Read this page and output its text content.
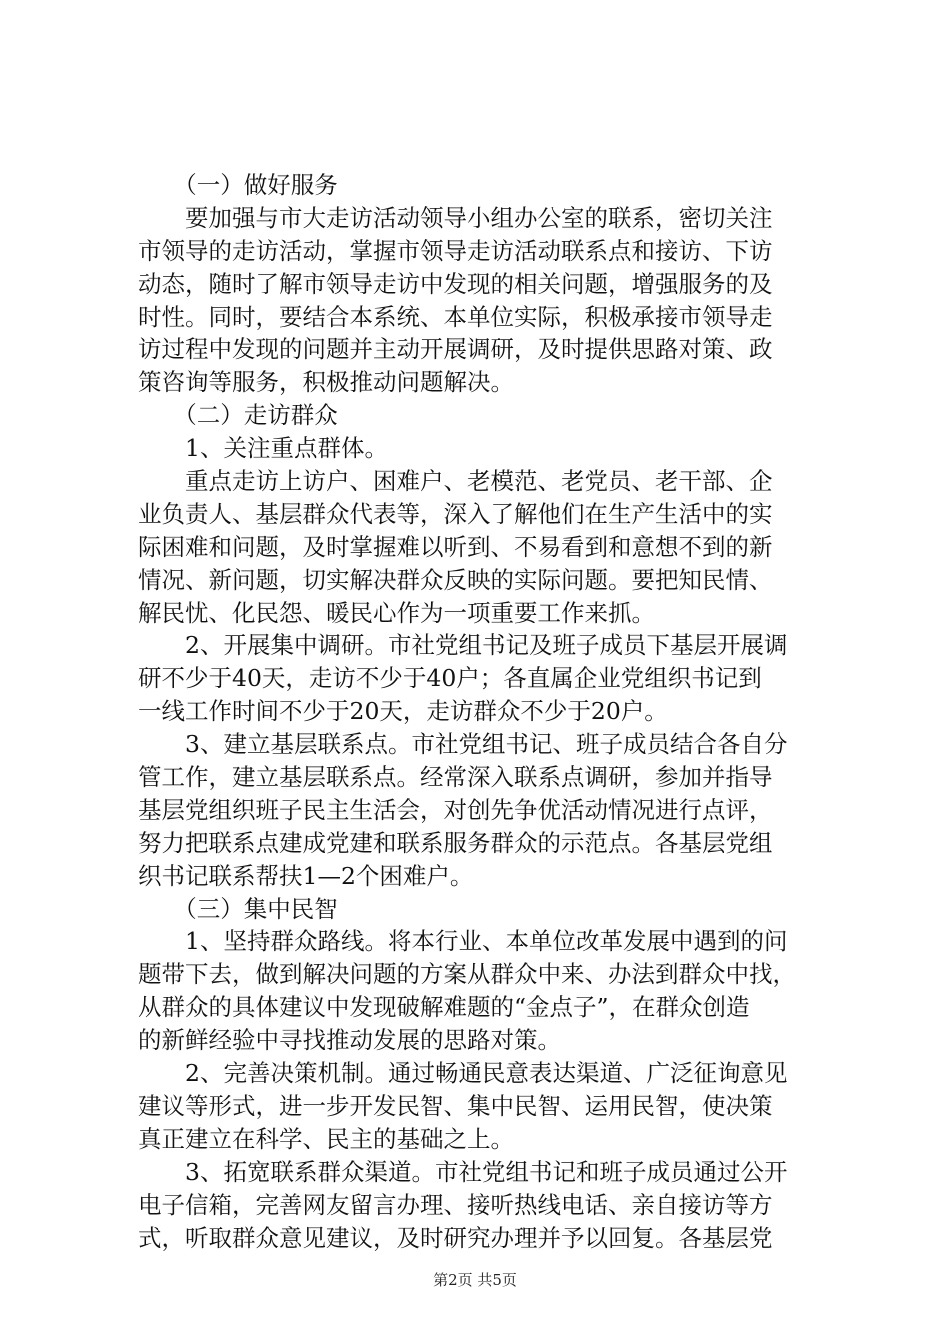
　　（一）做好服务
　　要加强与市大走访活动领导小组办公室的联系，密切关注
市领导的走访活动，掌握市领导走访活动联系点和接访、下访
动态，随时了解市领导走访中发现的相关问题，增强服务的及
时性。同时，要结合本系统、本单位实际，积极承接市领导走
访过程中发现的问题并主动开展调研，及时提供思路对策、政
策咨询等服务，积极推动问题解决。
　　（二）走访群众
　　1、关注重点群体。
　　重点走访上访户、困难户、老模范、老党员、老干部、企
业负责人、基层群众代表等，深入了解他们在生产生活中的实
际困难和问题，及时掌握难以听到、不易看到和意想不到的新
情况、新问题，切实解决群众反映的实际问题。要把知民情、
解民忧、化民怨、暖民心作为一项重要工作来抓。
　　2、开展集中调研。市社党组书记及班子成员下基层开展调
研不少于40天，走访不少于40户；各直属企业党组织书记到
一线工作时间不少于20天，走访群众不少于20户。
　　3、建立基层联系点。市社党组书记、班子成员结合各自分
管工作，建立基层联系点。经常深入联系点调研，参加并指导
基层党组织班子民主生活会，对创先争优活动情况进行点评，
努力把联系点建成党建和联系服务群众的示范点。各基层党组
织书记联系帮扶1—2个困难户。
　　（三）集中民智
　　1、坚持群众路线。将本行业、本单位改革发展中遇到的问
题带下去，做到解决问题的方案从群众中来、办法到群众中找，
从群众的具体建议中发现破解难题的“金点子”，在群众创造
的新鲜经验中寻找推动发展的思路对策。
　　2、完善决策机制。通过畅通民意表达渠道、广泛征询意见
建议等形式，进一步开发民智、集中民智、运用民智，使决策
真正建立在科学、民主的基础之上。
　　3、拓宽联系群众渠道。市社党组书记和班子成员通过公开
电子信箱，完善网友留言办理、接听热线电话、亲自接访等方
式，听取群众意见建议，及时研究办理并予以回复。各基层党
第2页 共5页
